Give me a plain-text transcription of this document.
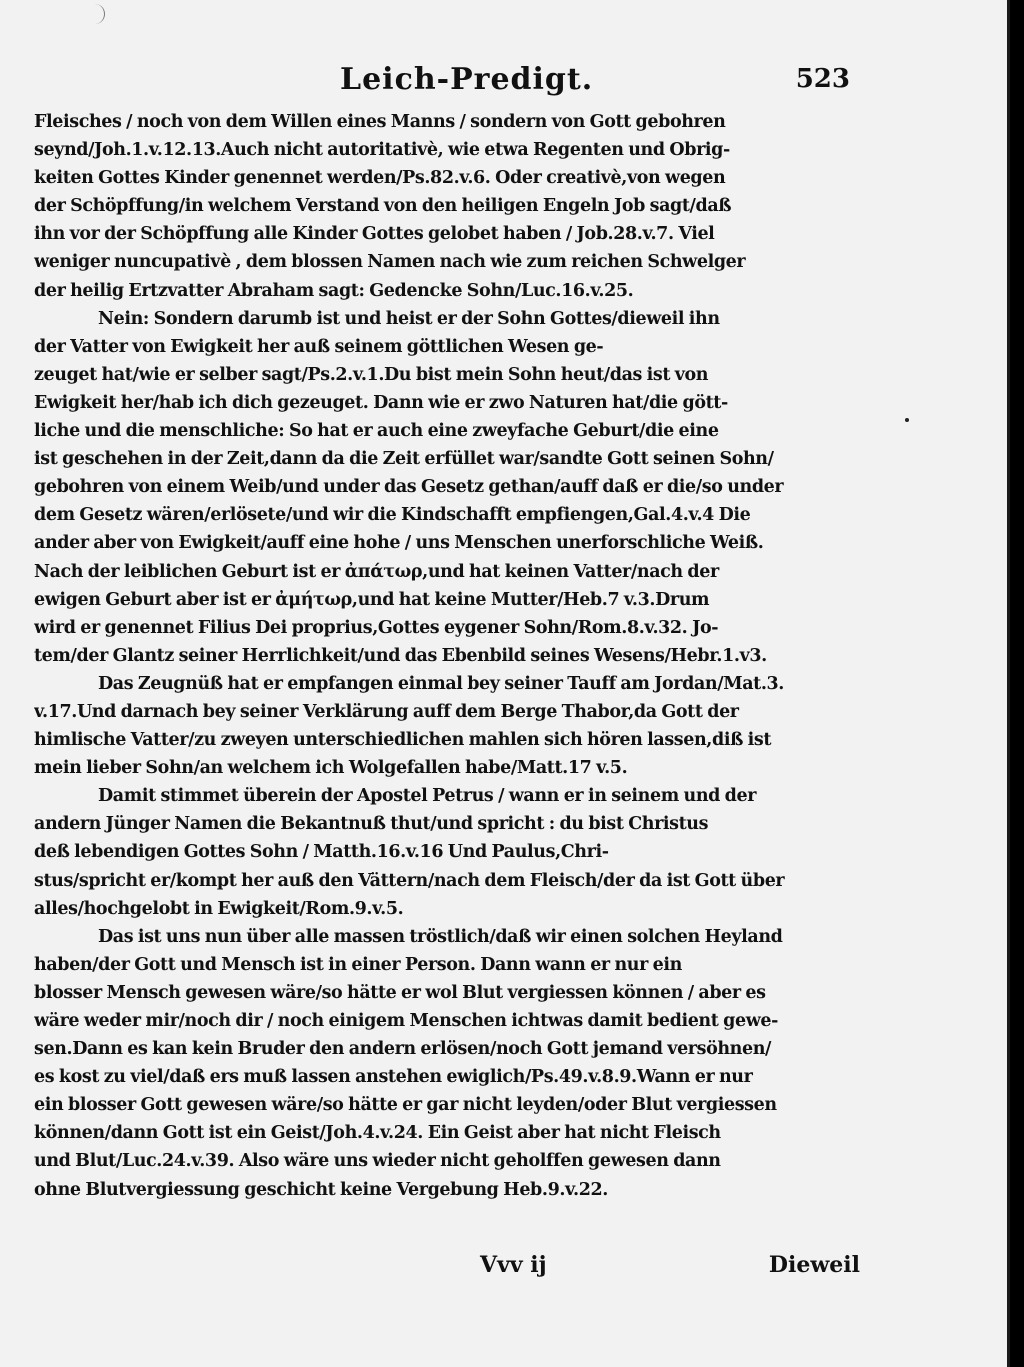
Leich-Predigt.	523
Fleisches / noch von dem Willen eines Manns / sondern von Gott gebohren
seynd/Joh.1.v.12.13.Auch nicht autoritativè, wie etwa Regenten und Obrig-
keiten Gottes Kinder genennet werden/Ps.82.v.6. Oder creativè,von wegen
der Schöpffung/in welchem Verstand von den heiligen Engeln Job sagt/daß
ihn vor der Schöpffung alle Kinder Gottes gelobet haben / Job.28.v.7. Viel
weniger nuncupativè , dem blossen Namen nach wie zum reichen Schwelger
der heilig Ertzvatter Abraham sagt: Gedencke Sohn/Luc.16.v.25.
Nein: Sondern darumb ist und heist er der Sohn Gottes/dieweil ihn
der Vatter von Ewigkeit her auß seinem göttlichen Wesen ge-
zeuget hat/wie er selber sagt/Ps.2.v.1.Du bist mein Sohn heut/das ist von
Ewigkeit her/hab ich dich gezeuget. Dann wie er zwo Naturen hat/die gött-
liche und die menschliche: So hat er auch eine zweyfache Geburt/die eine
ist geschehen in der Zeit,dann da die Zeit erfüllet war/sandte Gott seinen Sohn/
gebohren von einem Weib/und under das Gesetz gethan/auff daß er die/so under
dem Gesetz wären/erlösete/und wir die Kindschafft empfiengen,Gal.4.v.4 Die
ander aber von Ewigkeit/auff eine hohe / uns Menschen unerforschliche Weiß.
Nach der leiblichen Geburt ist er ἀπάτωρ,und hat keinen Vatter/nach der
ewigen Geburt aber ist er ἀμήτωρ,und hat keine Mutter/Heb.7 v.3.Drum
wird er genennet Filius Dei proprius,Gottes eygener Sohn/Rom.8.v.32. Jo-
tem/der Glantz seiner Herrlichkeit/und das Ebenbild seines Wesens/Hebr.1.v3.
Das Zeugnüß hat er empfangen einmal bey seiner Tauff am Jordan/Mat.3.
v.17.Und darnach bey seiner Verklärung auff dem Berge Thabor,da Gott der
himlische Vatter/zu zweyen unterschiedlichen mahlen sich hören lassen,diß ist
mein lieber Sohn/an welchem ich Wolgefallen habe/Matt.17 v.5.
Damit stimmet überein der Apostel Petrus / wann er in seinem und der
andern Jünger Namen die Bekantnuß thut/und spricht : du bist Christus
deß lebendigen Gottes Sohn / Matth.16.v.16 Und Paulus,Chri-
stus/spricht er/kompt her auß den Vättern/nach dem Fleisch/der da ist Gott über
alles/hochgelobt in Ewigkeit/Rom.9.v.5.
Das ist uns nun über alle massen tröstlich/daß wir einen solchen Heyland
haben/der Gott und Mensch ist in einer Person. Dann wann er nur ein
blosser Mensch gewesen wäre/so hätte er wol Blut vergiessen können / aber es
wäre weder mir/noch dir / noch einigem Menschen ichtwas damit bedient gewe-
sen.Dann es kan kein Bruder den andern erlösen/noch Gott jemand versöhnen/
es kost zu viel/daß ers muß lassen anstehen ewiglich/Ps.49.v.8.9.Wann er nur
ein blosser Gott gewesen wäre/so hätte er gar nicht leyden/oder Blut vergiessen
können/dann Gott ist ein Geist/Joh.4.v.24. Ein Geist aber hat nicht Fleisch
und Blut/Luc.24.v.39. Also wäre uns wieder nicht geholffen gewesen dann
ohne Blutvergiessung geschicht keine Vergebung Heb.9.v.22.
Vvv ij	Dieweil
